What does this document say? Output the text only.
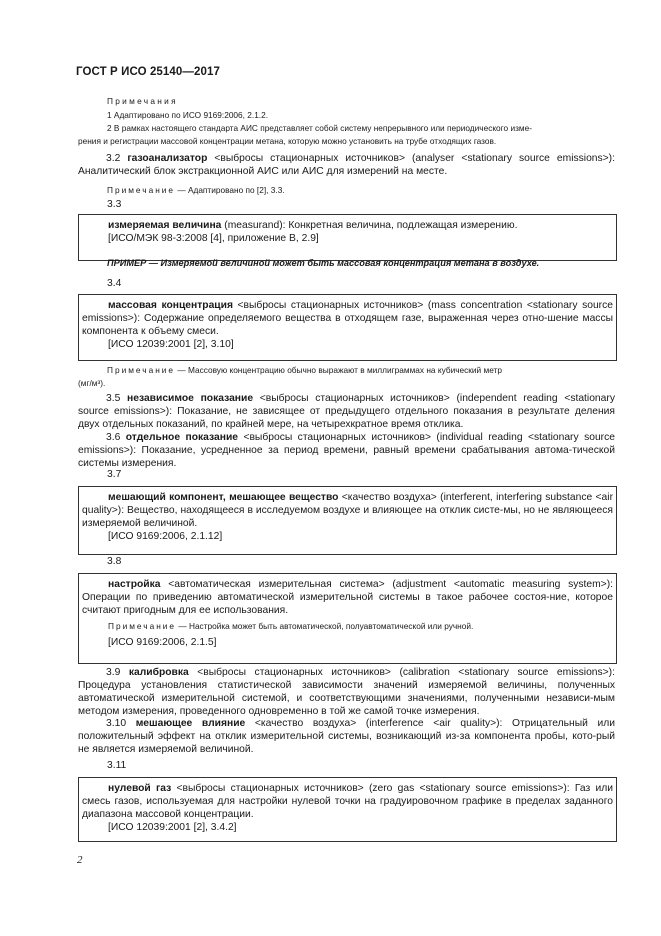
ГОСТ Р ИСО 25140—2017
Примечания
1 Адаптировано по ИСО 9169:2006, 2.1.2.
2 В рамках настоящего стандарта АИС представляет собой систему непрерывного или периодического изме-
рения и регистрации массовой концентрации метана, которую можно установить на трубе отходящих газов.
3.2 газоанализатор <выбросы стационарных источников> (analyser <stationary source emissions>): Аналитический блок экстракционной АИС или АИС для измерений на месте.
Примечание — Адаптировано по [2], 3.3.
3.3
измеряемая величина (measurand): Конкретная величина, подлежащая измерению.
[ИСО/МЭК 98-3:2008 [4], приложение В, 2.9]
ПРИМЕР — Измеряемой величиной может быть массовая концентрация метана в воздухе.
3.4
массовая концентрация <выбросы стационарных источников> (mass concentration <stationary source emissions>): Содержание определяемого вещества в отходящем газе, выраженная через отно-шение массы компонента к объему смеси.
[ИСО 12039:2001 [2], 3.10]
Примечание — Массовую концентрацию обычно выражают в миллиграммах на кубический метр
(мг/м³).
3.5 независимое показание <выбросы стационарных источников> (independent reading <stationary source emissions>): Показание, не зависящее от предыдущего отдельного показания в результате деления двух отдельных показаний, по крайней мере, на четырехкратное время отклика.
3.6 отдельное показание <выбросы стационарных источников> (individual reading <stationary source emissions>): Показание, усредненное за период времени, равный времени срабатывания автома-тической системы измерения.
3.7
мешающий компонент, мешающее вещество <качество воздуха> (interferent, interfering substance <air quality>): Вещество, находящееся в исследуемом воздухе и влияющее на отклик систе-мы, но не являющееся измеряемой величиной.
[ИСО 9169:2006, 2.1.12]
3.8
настройка <автоматическая измерительная система> (adjustment <automatic measuring system>): Операции по приведению автоматической измерительной системы в такое рабочее состоя-ние, которое считают пригодным для ее использования.
Примечание — Настройка может быть автоматической, полуавтоматической или ручной.
[ИСО 9169:2006, 2.1.5]
3.9 калибровка <выбросы стационарных источников> (calibration <stationary source emissions>): Процедура установления статистической зависимости значений измеряемой величины, полученных автоматической измерительной системой, и соответствующими значениями, полученными независи-мым методом измерения, проведенного одновременно в той же самой точке измерения.
3.10 мешающее влияние <качество воздуха> (interference <air quality>): Отрицательный или положительный эффект на отклик измерительной системы, возникающий из-за компонента пробы, кото-рый не является измеряемой величиной.
3.11
нулевой газ <выбросы стационарных источников> (zero gas <stationary source emissions>): Газ или смесь газов, используемая для настройки нулевой точки на градуировочном графике в пределах заданного диапазона массовой концентрации.
[ИСО 12039:2001 [2], 3.4.2]
2
